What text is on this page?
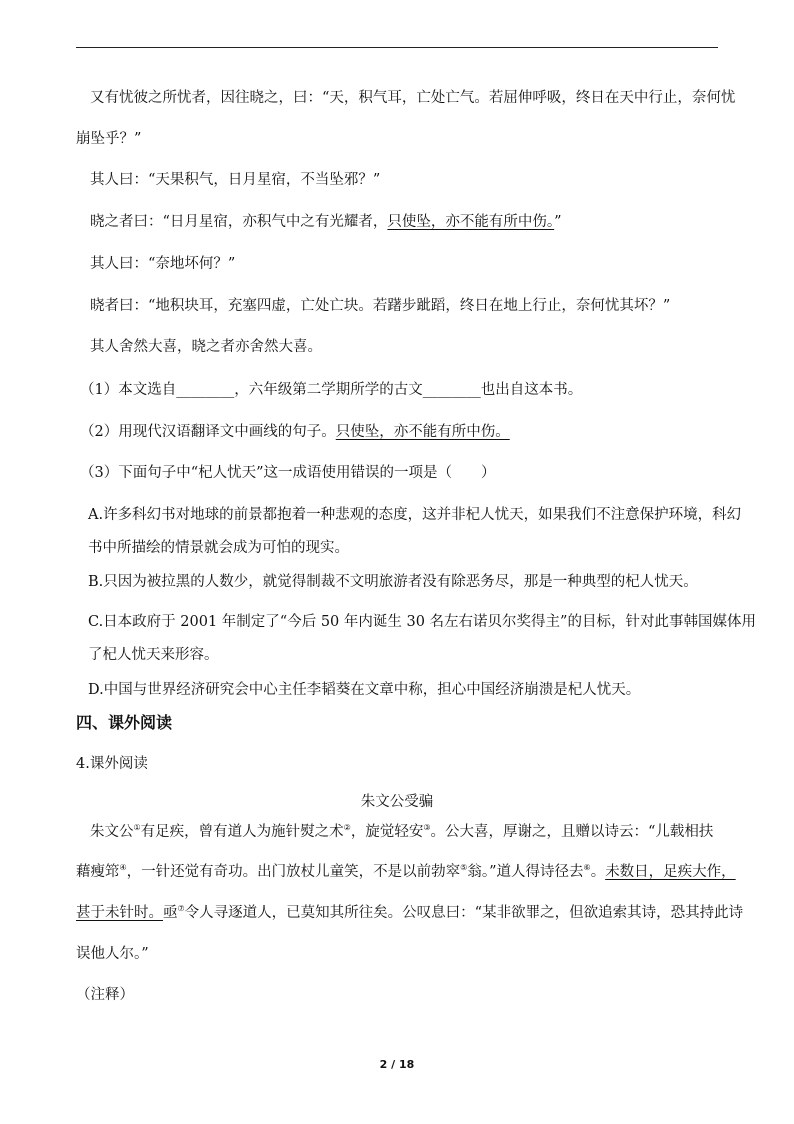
又有忧彼之所忧者，因往晓之，曰：“天，积气耳，亡处亡气。若屈伸呼吸，终日在天中行止，奈何忧
崩坠乎？”
其人曰：“天果积气，日月星宿，不当坠邪？”
晓之者曰：“日月星宿，亦积气中之有光耀者，只使坠，亦不能有所中伤。”
其人曰：“奈地坏何？”
晓者曰：“地积块耳，充塞四虚，亡处亡块。若躇步跐蹈，终日在地上行止，奈何忧其坏？”
其人舍然大喜，晓之者亦舍然大喜。
（1）本文选自________，六年级第二学期所学的古文________也出自这本书。
（2）用现代汉语翻译文中画线的句子。只使坠，亦不能有所中伤。
（3）下面句子中“杞人忧天”这一成语使用错误的一项是（　　）
A.许多科幻书对地球的前景都抱着一种悲观的态度，这并非杞人忧天，如果我们不注意保护环境，科幻
书中所描绘的情景就会成为可怕的现实。
B.只因为被拉黑的人数少，就觉得制裁不文明旅游者没有除恶务尽，那是一种典型的杞人忧天。
C.日本政府于 2001 年制定了“今后 50 年内诞生 30 名左右诺贝尔奖得主”的目标，针对此事韩国媒体用
了杞人忧天来形容。
D.中国与世界经济研究会中心主任李韬葵在文章中称，担心中国经济崩溃是杞人忧天。
四、课外阅读
4.课外阅读
朱文公受骗
朱文公①有足疾，曾有道人为施针熨之术②，旋觉轻安③。公大喜，厚谢之，且赠以诗云：“儿载相扶
藉瘦筇④，一针还觉有奇功。出门放杖儿童笑，不是以前勃窣⑤翁。”道人得诗径去⑥。未数日，足疾大作，
甚于未针时。亟⑦令人寻逐道人，已莫知其所往矣。公叹息曰：“某非欲罪之，但欲追索其诗，恐其持此诗
误他人尔。”
（注释）
2 / 18
